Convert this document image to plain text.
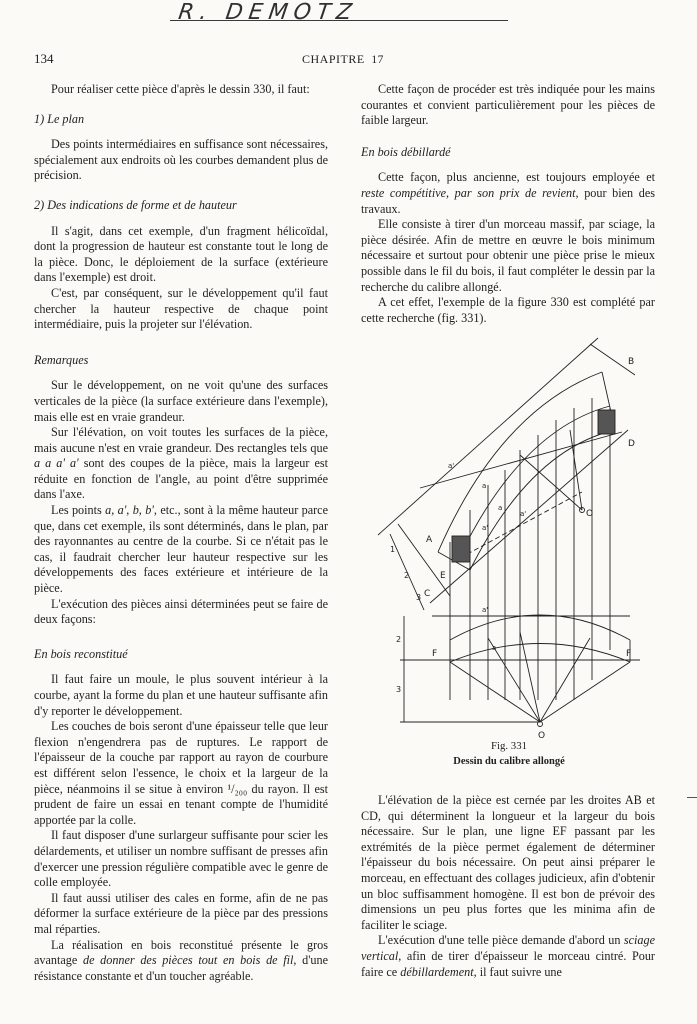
R. DEMOTZ
134	CHAPITRE 17

Pour réaliser cette pièce d'après le dessin 330, il faut:

1) Le plan

Des points intermédiaires en suffisance sont nécessaires, spécialement aux endroits où les courbes demandent plus de précision.

2) Des indications de forme et de hauteur

Il s'agit, dans cet exemple, d'un fragment hélicoïdal, dont la progression de hauteur est constante tout le long de la pièce. Donc, le déploiement de la surface (extérieure dans l'exemple) est droit.

C'est, par conséquent, sur le développement qu'il faut chercher la hauteur respective de chaque point intermédiaire, puis la projeter sur l'élévation.

Remarques

Sur le développement, on ne voit qu'une des surfaces verticales de la pièce (la surface extérieure dans l'exemple), mais elle est en vraie grandeur.

Sur l'élévation, on voit toutes les surfaces de la pièce, mais aucune n'est en vraie grandeur. Des rectangles tels que a a a' a' sont des coupes de la pièce, mais la largeur est réduite en fonction de l'angle, au point d'être supprimée dans l'axe.

Les points a, a', b, b', etc., sont à la même hauteur parce que, dans cet exemple, ils sont déterminés, dans le plan, par des rayonnantes au centre de la courbe. Si ce n'était pas le cas, il faudrait chercher leur hauteur respective sur les développements des faces extérieure et intérieure de la pièce.

L'exécution des pièces ainsi déterminées peut se faire de deux façons:

En bois reconstitué

Il faut faire un moule, le plus souvent intérieur à la courbe, ayant la forme du plan et une hauteur suffisante afin d'y reporter le développement.

Les couches de bois seront d'une épaisseur telle que leur flexion n'engendrera pas de ruptures. Le rapport de l'épaisseur de la couche par rapport au rayon de courbure est différent selon l'essence, le choix et la largeur de la pièce, néanmoins il se situe à environ ¹/₂₀₀ du rayon. Il est prudent de faire un essai en tenant compte de l'humidité apportée par la colle.

Il faut disposer d'une surlargeur suffisante pour scier les délardements, et utiliser un nombre suffisant de presses afin d'exercer une pression régulière compatible avec le genre de colle employée.

Il faut aussi utiliser des cales en forme, afin de ne pas déformer la surface extérieure de la pièce par des pressions mal réparties.

La réalisation en bois reconstitué présente le gros avantage de donner des pièces tout en bois de fil, d'une résistance constante et d'un toucher agréable.

Cette façon de procéder est très indiquée pour les mains courantes et convient particulièrement pour les pièces de faible largeur.

En bois débillardé

Cette façon, plus ancienne, est toujours employée et reste compétitive, par son prix de revient, pour bien des travaux.

Elle consiste à tirer d'un morceau massif, par sciage, la pièce désirée. Afin de mettre en œuvre le bois minimum nécessaire et surtout pour obtenir une pièce prise le mieux possible dans le fil du bois, il faut compléter le dessin par la recherche du calibre allongé.

A cet effet, l'exemple de la figure 330 est complété par cette recherche (fig. 331).

B
D
A
C
E
F	F
O
O
1
2
3
2
3
a'
a
a'
a
a'
a
a'
Fig. 331
Dessin du calibre allongé

L'élévation de la pièce est cernée par les droites AB et CD, qui déterminent la longueur et la largeur du bois nécessaire. Sur le plan, une ligne EF passant par les extrémités de la pièce permet également de déterminer l'épaisseur du bois nécessaire. On peut ainsi préparer le morceau, en effectuant des collages judicieux, afin d'obtenir un bloc suffisamment homogène. Il est bon de prévoir des dimensions un peu plus fortes que les minima afin de faciliter le sciage.

L'exécution d'une telle pièce demande d'abord un sciage vertical, afin de tirer d'épaisseur le morceau cintré. Pour faire ce débillardement, il faut suivre une
